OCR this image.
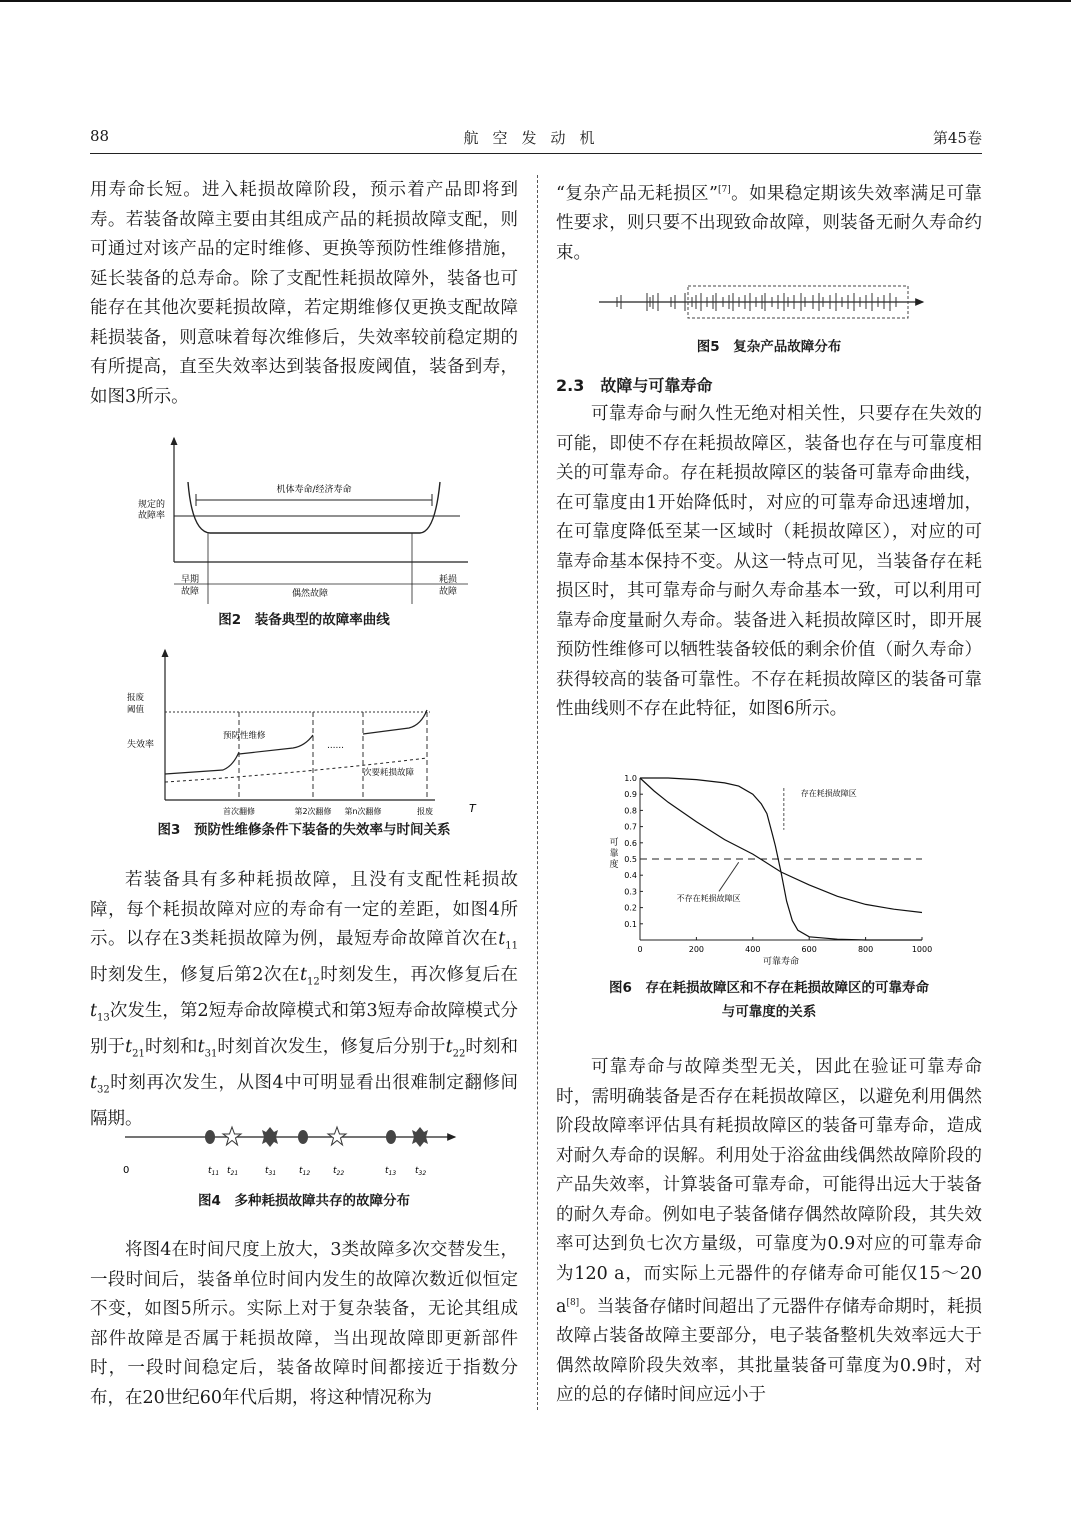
88	航空发动机	第45卷

用寿命长短。进入耗损故障阶段，预示着产品即将到寿。若装备故障主要由其组成产品的耗损故障支配，则可通过对该产品的定时维修、更换等预防性维修措施，延长装备的总寿命。除了支配性耗损故障外，装备也可能存在其他次要耗损故障，若定期维修仅更换支配故障耗损装备，则意味着每次维修后，失效率较前稳定期的有所提高，直至失效率达到装备报废阈值，装备到寿，如图3所示。

机体寿命/经济寿命
规定的
故障率
早期
故障	偶然故障
耗损
故障
图2　装备典型的故障率曲线
报废
阈值
失效率
预防性维修
……
次要耗损故障
首次翻修	第2次翻修 第n次翻修	报废	T
图3　预防性维修条件下装备的失效率与时间关系

若装备具有多种耗损故障，且没有支配性耗损故障，每个耗损故障对应的寿命有一定的差距，如图4所示。以存在3类耗损故障为例，最短寿命故障首次在$t_{11}$时刻发生，修复后第2次在$t_{12}$时刻发生，再次修复后在$t_{13}$次发生，第2短寿命故障模式和第3短寿命故障模式分别于$t_{21}$时刻和$t_{31}$时刻首次发生，修复后分别于$t_{22}$时刻和$t_{32}$时刻再次发生，从图4中可明显看出很难制定翻修间隔期。

0	$t_{11}$ $t_{21}$	$t_{31}$	$t_{12}$	$t_{22}$	$t_{13}$ $t_{32}$
图4　多种耗损故障共存的故障分布

将图4在时间尺度上放大，3类故障多次交替发生，一段时间后，装备单位时间内发生的故障次数近似恒定不变，如图5所示。实际上对于复杂装备，无论其组成部件故障是否属于耗损故障，当出现故障即更新部件时，一段时间稳定后，装备故障时间都接近于指数分布，在20世纪60年代后期，将这种情况称为

“复杂产品无耗损区”[7]。如果稳定期该失效率满足可靠性要求，则只要不出现致命故障，则装备无耐久寿命约束。

图5　复杂产品故障分布
2.3　故障与可靠寿命

可靠寿命与耐久性无绝对相关性，只要存在失效的可能，即使不存在耗损故障区，装备也存在与可靠度相关的可靠寿命。存在耗损故障区的装备可靠寿命曲线，在可靠度由1开始降低时，对应的可靠寿命迅速增加，在可靠度降低至某一区域时（耗损故障区），对应的可靠寿命基本保持不变。从这一特点可见，当装备存在耗损区时，其可靠寿命与耐久寿命基本一致，可以利用可靠寿命度量耐久寿命。装备进入耗损故障区时，即开展预防性维修可以牺牲装备较低的剩余价值（耐久寿命）获得较高的装备可靠性。不存在耗损故障区的装备可靠性曲线则不存在此特征，如图6所示。

1.0
0.9
0.8
0.7
0.6
0.5
0.4
0.3
0.2
0.1
0	200	400	600	800	1000
可靠寿命
可靠度
存在耗损故障区
不存在耗损故障区
图6　存在耗损故障区和不存在耗损故障区的可靠寿命
与可靠度的关系

可靠寿命与故障类型无关，因此在验证可靠寿命时，需明确装备是否存在耗损故障区，以避免利用偶然阶段故障率评估具有耗损故障区的装备可靠寿命，造成对耐久寿命的误解。利用处于浴盆曲线偶然故障阶段的产品失效率，计算装备可靠寿命，可能得出远大于装备的耐久寿命。例如电子装备储存偶然故障阶段，其失效率可达到负七次方量级，可靠度为0.9对应的可靠寿命为120 a，而实际上元器件的存储寿命可能仅15～20 a[8]。当装备存储时间超出了元器件存储寿命期时，耗损故障占装备故障主要部分，电子装备整机失效率远大于偶然故障阶段失效率，其批量装备可靠度为0.9时，对应的总的存储时间应远小于
